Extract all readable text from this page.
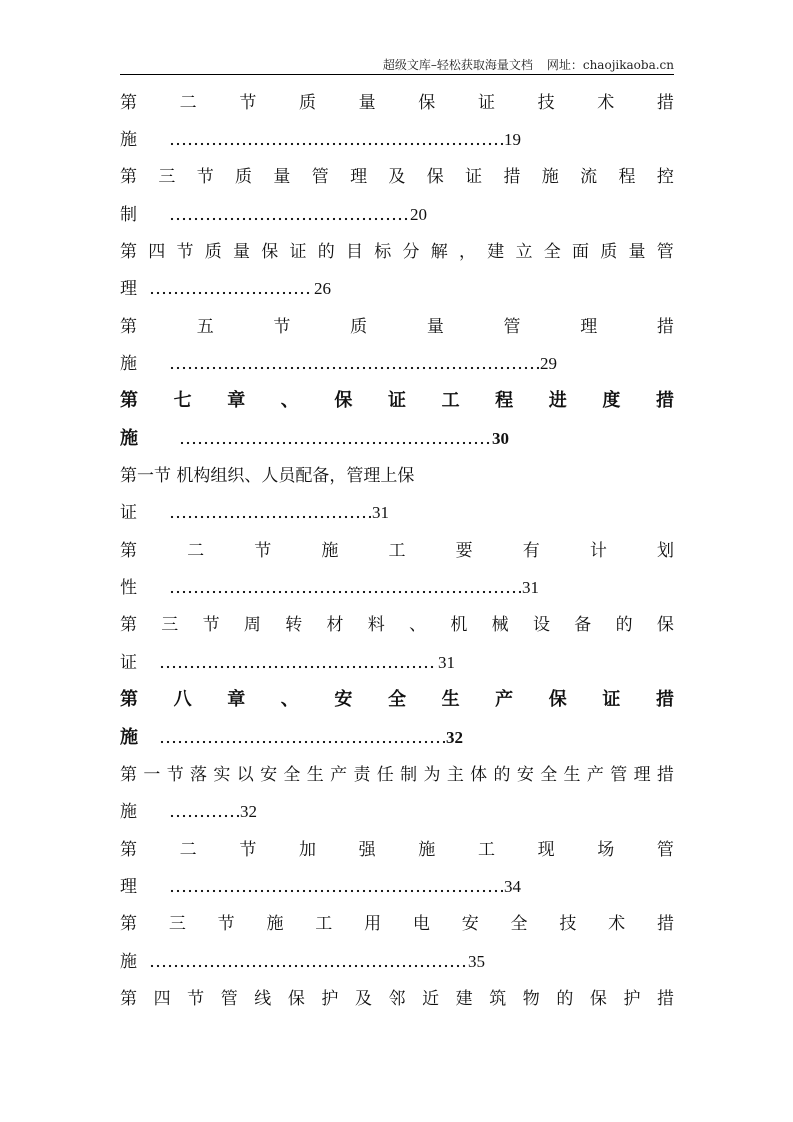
超级文库–轻松获取海量文档 网址：chaojikaoba.cn
第	二	节	质	量	保	证	技	术	措
施	19
第 三 节 质 量 管 理 及 保 证 措 施 流 程 控
制	20
第 四 节 质 量 保 证 的 目 标 分 解 ， 建 立 全 面 质 量 管
理	26
第	五	节	质	量	管	理	措
施	29
第 七 章 、 保 证 工 程 进 度 措
施	30
第一节 机构组织、人员配备，管理上保
证	31
第	二	节	施	工	要	有	计	划
性	31
第 三 节 周 转 材 料 、 机 械 设 备 的 保
证	31
第 八 章 、 安 全 生 产 保 证 措
施	32
第 一 节 落 实 以 安 全 生 产 责 任 制 为 主 体 的 安 全 生 产 管 理 措
施	32
第	二	节	加	强	施	工	现	场	管
理	34
第 三 节 施 工 用 电 安 全 技 术 措
施	35
第 四 节 管 线 保 护 及 邻 近 建 筑 物 的 保 护 措
